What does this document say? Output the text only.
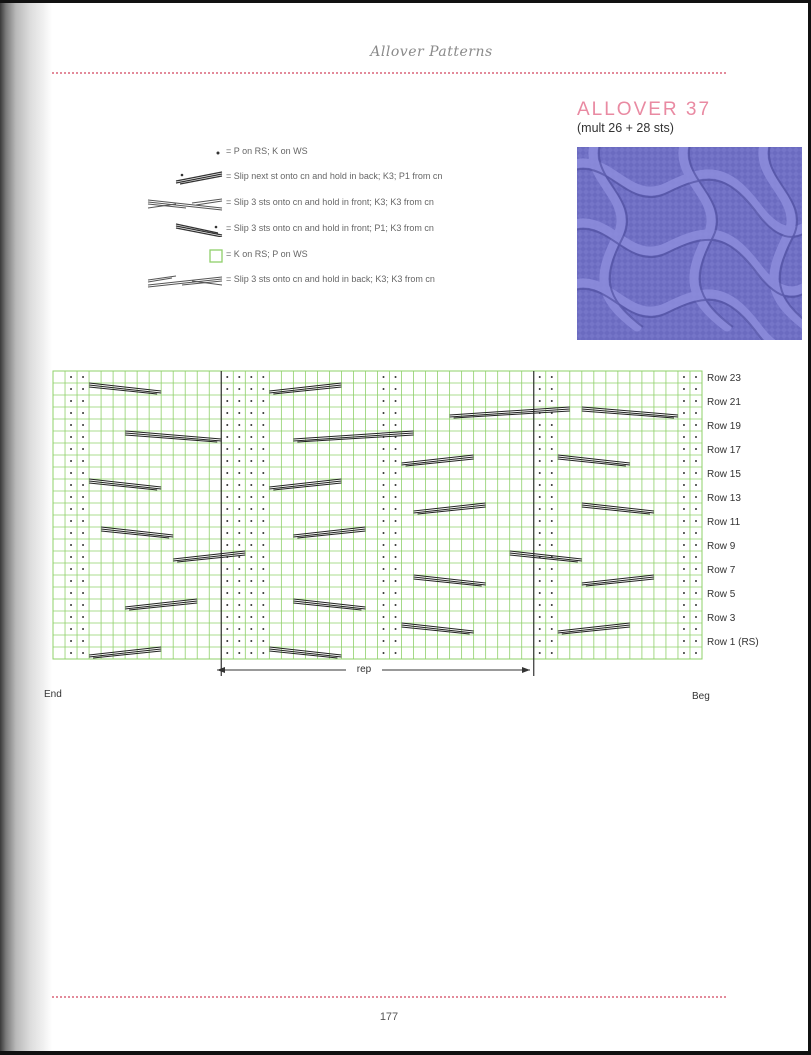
Allover Patterns
ALLOVER 37
(mult 26 + 28 sts)
= P on RS; K on WS
= Slip next st onto cn and hold in back; K3; P1 from cn
= Slip 3 sts onto cn and hold in front; K3; K3 from cn
= Slip 3 sts onto cn and hold in front; P1; K3 from cn
= K on RS; P on WS
= Slip 3 sts onto cn and hold in back; K3; K3 from cn
Row 23
Row 21
Row 19
Row 17
Row 15
Row 13
Row 11
Row 9
Row 7
Row 5
Row 3
Row 1 (RS)
rep
End	Beg
177
